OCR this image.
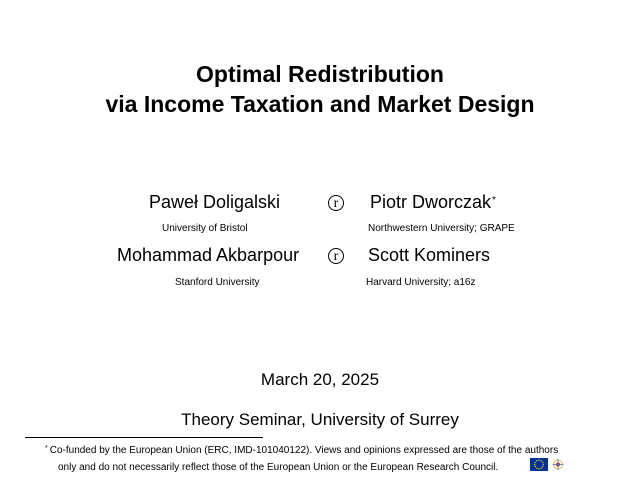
Optimal Redistribution
via Income Taxation and Market Design
Paweł Doligalski	r	Piotr Dworczak*
University of Bristol	Northwestern University; GRAPE
Mohammad Akbarpour	r	Scott Kominers
Stanford University	Harvard University; a16z
March 20, 2025
Theory Seminar, University of Surrey
* Co-funded by the European Union (ERC, IMD-101040122). Views and opinions expressed are those of the authors
only and do not necessarily reflect those of the European Union or the European Research Council.
